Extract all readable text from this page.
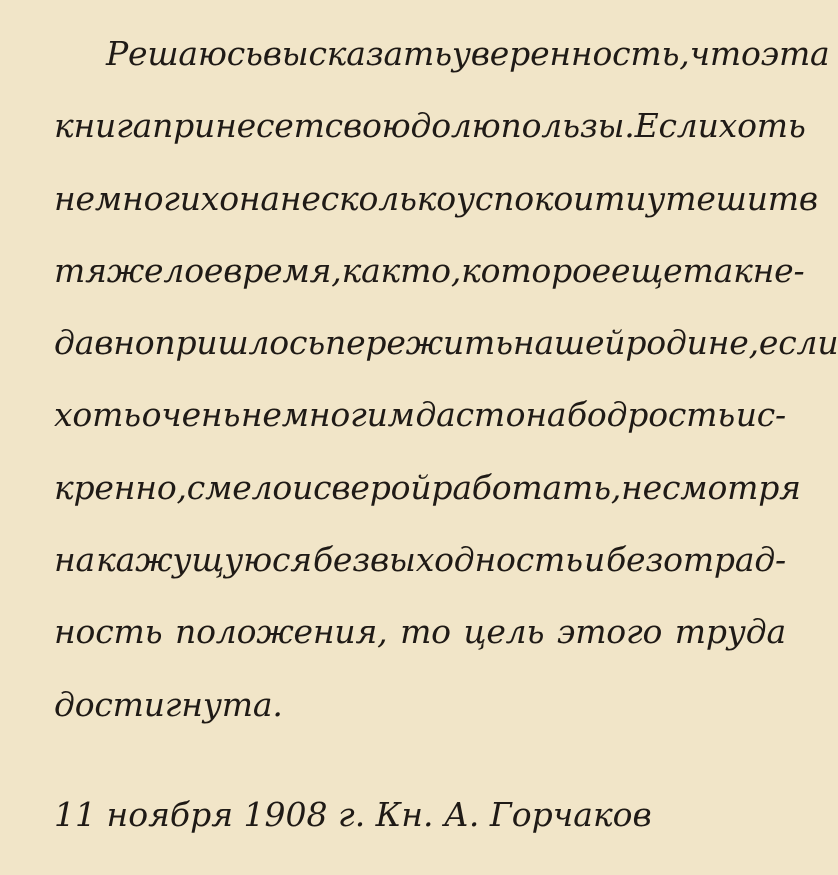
Решаюсь высказать уверенность, что эта
книга принесет свою долю пользы. Если хоть
немногих она несколько успокоит и утешит в
тяжелое время, как то, которое еще так не-
давно пришлось пережить нашей родине, если
хоть очень немногим даст она бодрость ис-
кренно, смело и с верой работать, несмотря
на кажущуюся безвыходность и безотрад-
ность положения, то цель этого труда
достигнута.
11 ноября 1908 г. Кн. А. Горчаков
